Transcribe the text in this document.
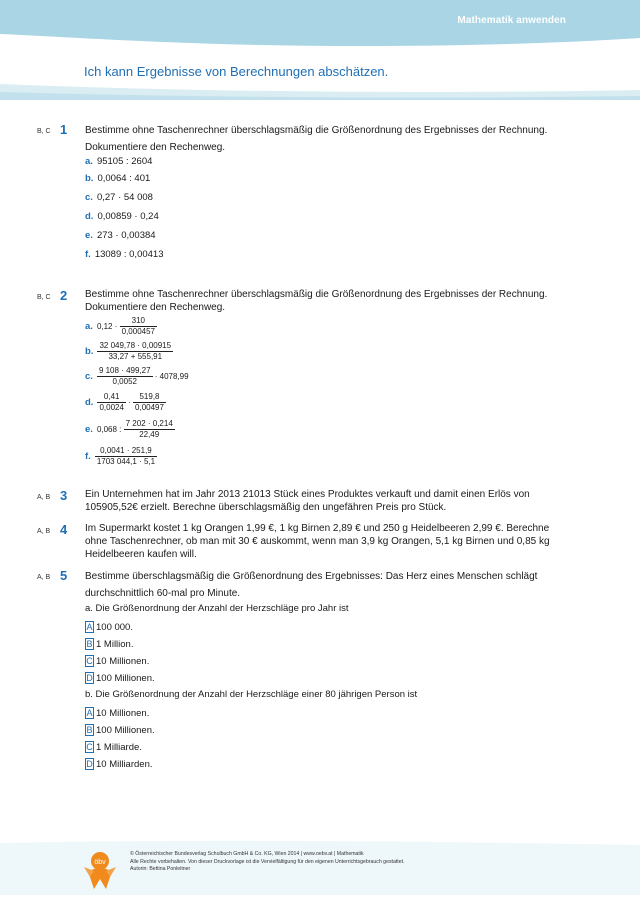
Mathematik anwenden
Ich kann Ergebnisse von Berechnungen abschätzen.
B, C 1 Bestimme ohne Taschenrechner überschlagsmäßig die Größenordnung des Ergebnisses der Rechnung. Dokumentiere den Rechenweg.
a. 95105 : 2604
b. 0,0064 : 401
c. 0,27 · 54 008
d. 0,00859 · 0,24
e. 273 · 0,00384
f. 13089 : 0,00413
B, C 2 Bestimme ohne Taschenrechner überschlagsmäßig die Größenordnung des Ergebnisses der Rechnung. Dokumentiere den Rechenweg.
a. $0,12 \cdot \frac{310}{0,000457}$
b. $\frac{32 049,78 \cdot 0,00915}{33,27 + 555,91}$
c. $\frac{9 108 \cdot 499,27}{0,0052} \cdot 4078,99$
d. $\frac{0,41}{0,0024} \cdot \frac{519,8}{0,00497}$
e. 0,068 : $\frac{7 202 \cdot 0,214}{22,49}$
f. $\frac{0,0041 \cdot 251,9}{1703 044,1 \cdot 5,1}$
A, B 3 Ein Unternehmen hat im Jahr 2013 21013 Stück eines Produktes verkauft und damit einen Erlös von 105905,52€ erzielt. Berechne überschlagsmäßig den ungefähren Preis pro Stück.
A, B 4 Im Supermarkt kostet 1 kg Orangen 1,99 €, 1 kg Birnen 2,89 € und 250 g Heidelbeeren 2,99 €. Berechne ohne Taschenrechner, ob man mit 30 € auskommt, wenn man 3,9 kg Orangen, 5,1 kg Birnen und 0,85 kg Heidelbeeren kaufen will.
A, B 5 Bestimme überschlagsmäßig die Größenordnung des Ergebnisses: Das Herz eines Menschen schlägt durchschnittlich 60-mal pro Minute.
a. Die Größenordnung der Anzahl der Herzschläge pro Jahr ist
A 100 000.
B 1 Million.
C 10 Millionen.
D 100 Millionen.
b. Die Größenordnung der Anzahl der Herzschläge einer 80 jährigen Person ist
A 10 Millionen.
B 100 Millionen.
C 1 Milliarde.
D 10 Milliarden.
öbv
© Österreichischer Bundesverlag Schulbuch GmbH & Co. KG, Wien 2014 | www.oebv.at | Mathematik
Alle Rechte vorbehalten. Von dieser Druckvorlage ist die Vervielfältigung für den eigenen Unterrichtsgebrauch gestattet.
Autorin: Bettina Ponleitner
